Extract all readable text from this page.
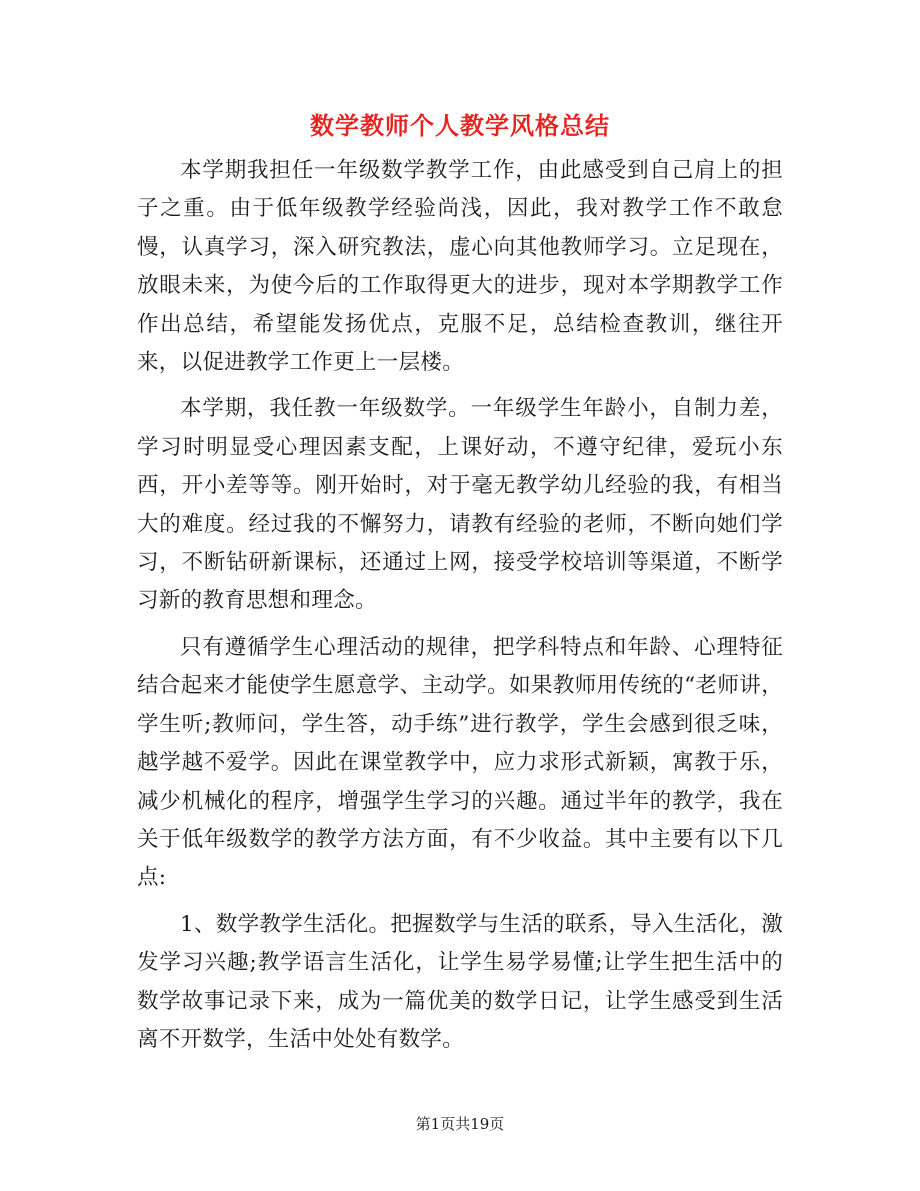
数学教师个人教学风格总结

本学期我担任一年级数学教学工作，由此感受到自己肩上的担子之重。由于低年级教学经验尚浅，因此，我对教学工作不敢怠慢，认真学习，深入研究教法，虚心向其他教师学习。立足现在，放眼未来，为使今后的工作取得更大的进步，现对本学期教学工作作出总结，希望能发扬优点，克服不足，总结检查教训，继往开来，以促进教学工作更上一层楼。

本学期，我任教一年级数学。一年级学生年龄小，自制力差，学习时明显受心理因素支配，上课好动，不遵守纪律，爱玩小东西，开小差等等。刚开始时，对于毫无教学幼儿经验的我，有相当大的难度。经过我的不懈努力，请教有经验的老师，不断向她们学习，不断钻研新课标，还通过上网，接受学校培训等渠道，不断学习新的教育思想和理念。

只有遵循学生心理活动的规律，把学科特点和年龄、心理特征结合起来才能使学生愿意学、主动学。如果教师用传统的“老师讲，学生听;教师问，学生答，动手练”进行教学，学生会感到很乏味，越学越不爱学。因此在课堂教学中，应力求形式新颖，寓教于乐，减少机械化的程序，增强学生学习的兴趣。通过半年的教学，我在关于低年级数学的教学方法方面，有不少收益。其中主要有以下几点:

1、数学教学生活化。把握数学与生活的联系，导入生活化，激发学习兴趣;教学语言生活化，让学生易学易懂;让学生把生活中的数学故事记录下来，成为一篇优美的数学日记，让学生感受到生活离不开数学，生活中处处有数学。

第1页共19页
